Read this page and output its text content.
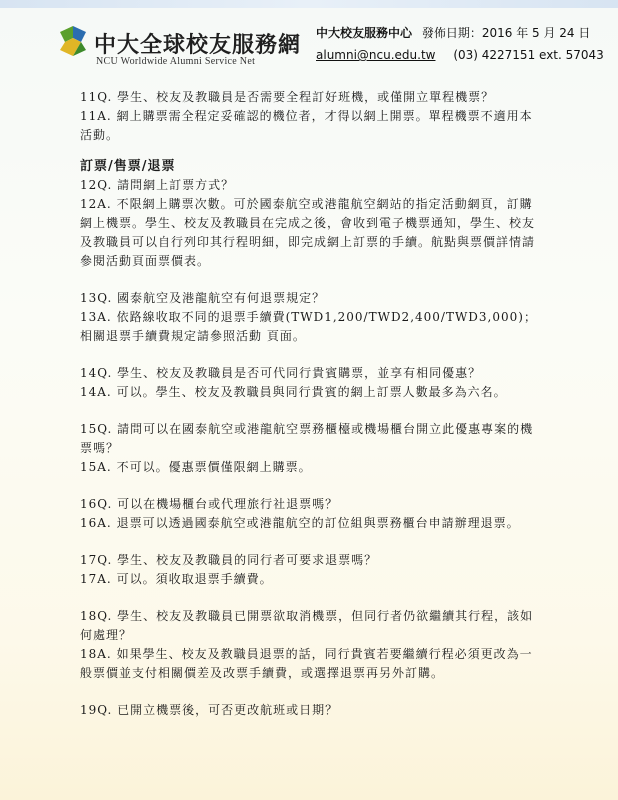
中大全球校友服務網
NCU Worldwide Alumni Service Net
中大校友服務中心 發佈日期：2016 年 5 月 24 日
alumni@ncu.edu.tw (03) 4227151 ext. 57043

11Q. 學生、校友及教職員是否需要全程訂好班機，或僅開立單程機票？

11A. 網上購票需全程定妥確認的機位者，才得以網上開票。單程機票不適用本活動。

訂票/售票/退票

12Q. 請問網上訂票方式？

12A. 不限網上購票次數。可於國泰航空或港龍航空網站的指定活動網頁，訂購網上機票。學生、校友及教職員在完成之後，會收到電子機票通知，學生、校友及教職員可以自行列印其行程明細，即完成網上訂票的手續。航點與票價詳情請參閱活動頁面票價表。

13Q. 國泰航空及港龍航空有何退票規定？

13A. 依路線收取不同的退票手續費(TWD1,200/TWD2,400/TWD3,000)；相關退票手續費規定請參照活動 頁面。

14Q. 學生、校友及教職員是否可代同行貴賓購票，並享有相同優惠？

14A. 可以。學生、校友及教職員與同行貴賓的網上訂票人數最多為六名。

15Q. 請問可以在國泰航空或港龍航空票務櫃檯或機場櫃台開立此優惠專案的機票嗎？

15A. 不可以。優惠票價僅限網上購票。

16Q. 可以在機場櫃台或代理旅行社退票嗎？

16A. 退票可以透過國泰航空或港龍航空的訂位組與票務櫃台申請辦理退票。

17Q. 學生、校友及教職員的同行者可要求退票嗎？

17A. 可以。須收取退票手續費。

18Q. 學生、校友及教職員已開票欲取消機票，但同行者仍欲繼續其行程，該如何處理？

18A. 如果學生、校友及教職員退票的話，同行貴賓若要繼續行程必須更改為一般票價並支付相關價差及改票手續費，或選擇退票再另外訂購。

19Q. 已開立機票後，可否更改航班或日期？
